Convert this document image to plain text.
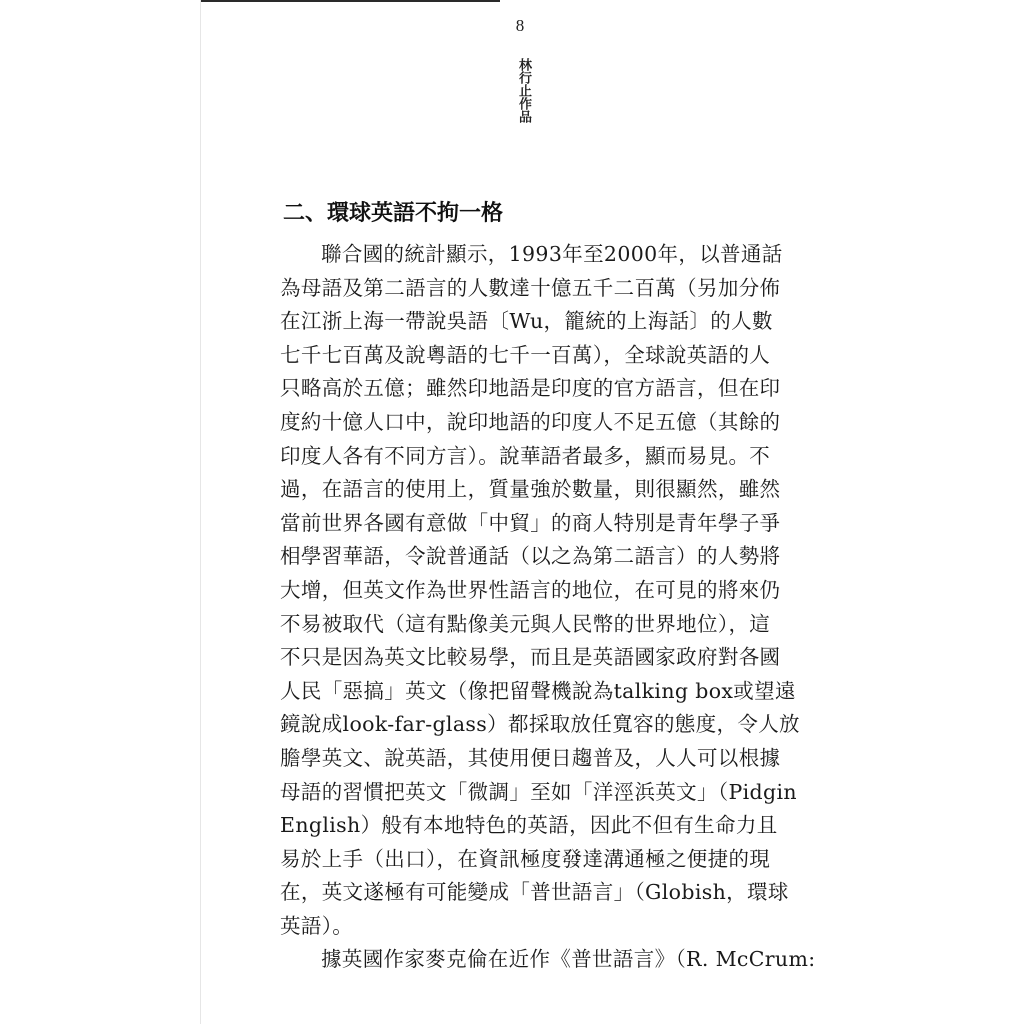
8
林行止作品
二、環球英語不拘一格
聯合國的統計顯示，1993年至2000年，以普通話
為母語及第二語言的人數達十億五千二百萬（另加分佈
在江浙上海一帶說吳語〔Wu，籠統的上海話〕的人數
七千七百萬及說粵語的七千一百萬），全球說英語的人
只略高於五億；雖然印地語是印度的官方語言，但在印
度約十億人口中，說印地語的印度人不足五億（其餘的
印度人各有不同方言）。說華語者最多，顯而易見。不
過，在語言的使用上，質量強於數量，則很顯然，雖然
當前世界各國有意做「中貿」的商人特別是青年學子爭
相學習華語，令說普通話（以之為第二語言）的人勢將
大增，但英文作為世界性語言的地位，在可見的將來仍
不易被取代（這有點像美元與人民幣的世界地位），這
不只是因為英文比較易學，而且是英語國家政府對各國
人民「惡搞」英文（像把留聲機說為talking box或望遠
鏡說成look-far-glass）都採取放任寬容的態度，令人放
膽學英文、說英語，其使用便日趨普及，人人可以根據
母語的習慣把英文「微調」至如「洋涇浜英文」（Pidgin
English）般有本地特色的英語，因此不但有生命力且
易於上手（出口），在資訊極度發達溝通極之便捷的現
在，英文遂極有可能變成「普世語言」（Globish，環球
英語）。
據英國作家麥克倫在近作《普世語言》（R. McCrum:
